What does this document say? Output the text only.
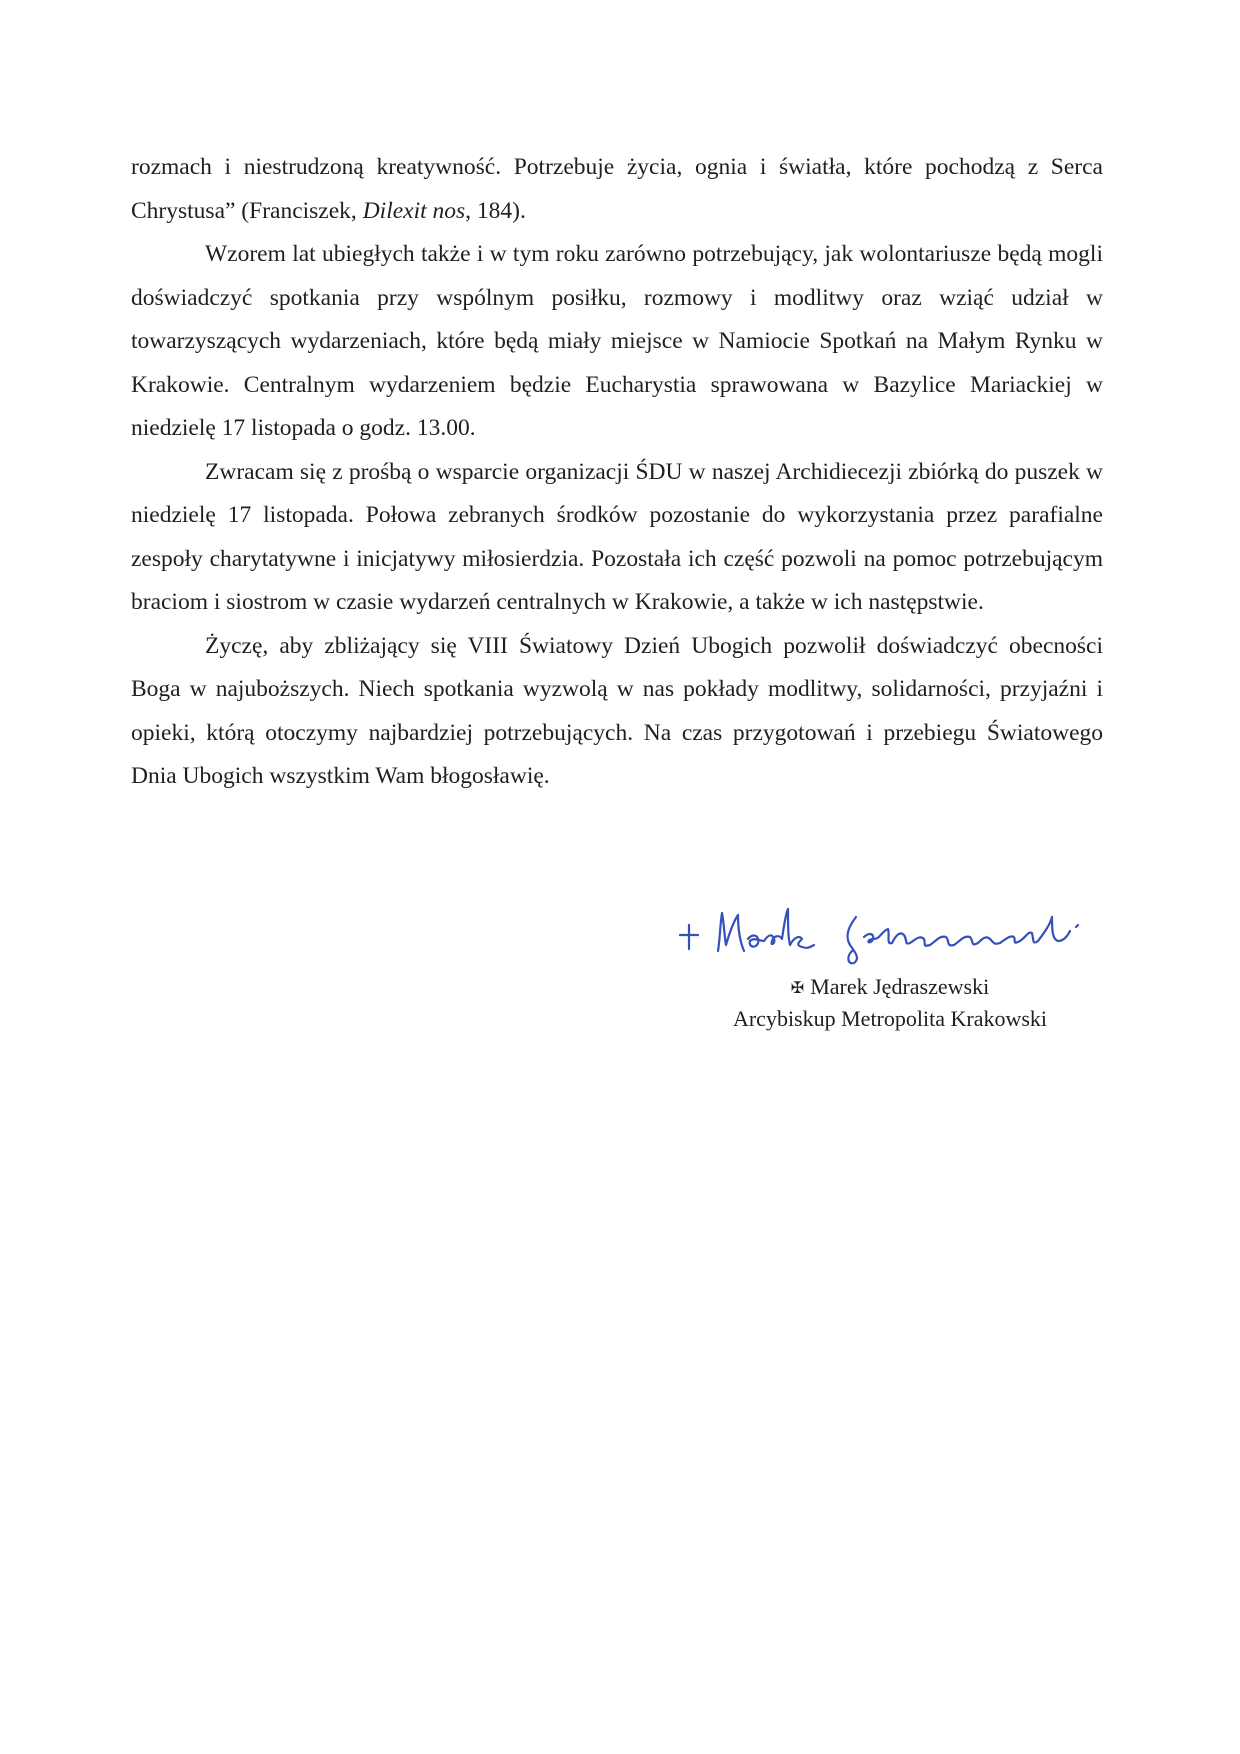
rozmach i niestrudzoną kreatywność. Potrzebuje życia, ognia i światła, które pochodzą z Serca Chrystusa” (Franciszek, Dilexit nos, 184).

Wzorem lat ubiegłych także i w tym roku zarówno potrzebujący, jak wolontariusze będą mogli doświadczyć spotkania przy wspólnym posiłku, rozmowy i modlitwy oraz wziąć udział w towarzyszących wydarzeniach, które będą miały miejsce w Namiocie Spotkań na Małym Rynku w Krakowie. Centralnym wydarzeniem będzie Eucharystia sprawowana w Bazylice Mariackiej w niedzielę 17 listopada o godz. 13.00.

Zwracam się z prośbą o wsparcie organizacji ŚDU w naszej Archidiecezji zbiórką do puszek w niedzielę 17 listopada. Połowa zebranych środków pozostanie do wykorzystania przez parafialne zespoły charytatywne i inicjatywy miłosierdzia. Pozostała ich część pozwoli na pomoc potrzebującym braciom i siostrom w czasie wydarzeń centralnych w Krakowie, a także w ich następstwie.

Życzę, aby zbliżający się VIII Światowy Dzień Ubogich pozwolił doświadczyć obecności Boga w najuboższych. Niech spotkania wyzwolą w nas pokłady modlitwy, solidarności, przyjaźni i opieki, którą otoczymy najbardziej potrzebujących. Na czas przygotowań i przebiegu Światowego Dnia Ubogich wszystkim Wam błogosławię.

✠ Marek Jędraszewski
Arcybiskup Metropolita Krakowski
